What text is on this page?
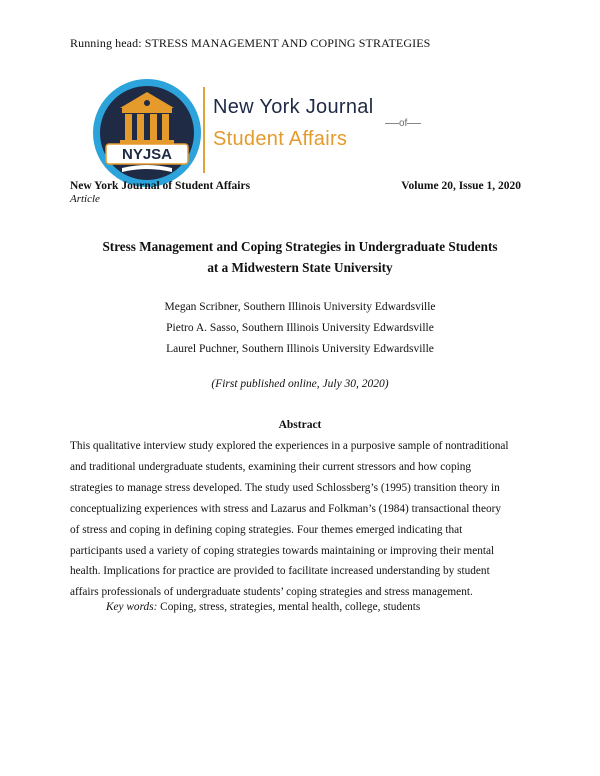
Running head: STRESS MANAGEMENT AND COPING STRATEGIES
NYJSA
New York Journal
of
Student Affairs
New York Journal of Student Affairs
Article
Volume 20, Issue 1, 2020
Stress Management and Coping Strategies in Undergraduate Students
at a Midwestern State University
Megan Scribner, Southern Illinois University Edwardsville
Pietro A. Sasso, Southern Illinois University Edwardsville
Laurel Puchner, Southern Illinois University Edwardsville
(First published online, July 30, 2020)
Abstract
This qualitative interview study explored the experiences in a purposive sample of nontraditional
and traditional undergraduate students, examining their current stressors and how coping
strategies to manage stress developed. The study used Schlossberg’s (1995) transition theory in
conceptualizing experiences with stress and Lazarus and Folkman’s (1984) transactional theory
of stress and coping in defining coping strategies. Four themes emerged indicating that
participants used a variety of coping strategies towards maintaining or improving their mental
health. Implications for practice are provided to facilitate increased understanding by student
affairs professionals of undergraduate students’ coping strategies and stress management.
Key words: Coping, stress, strategies, mental health, college, students
